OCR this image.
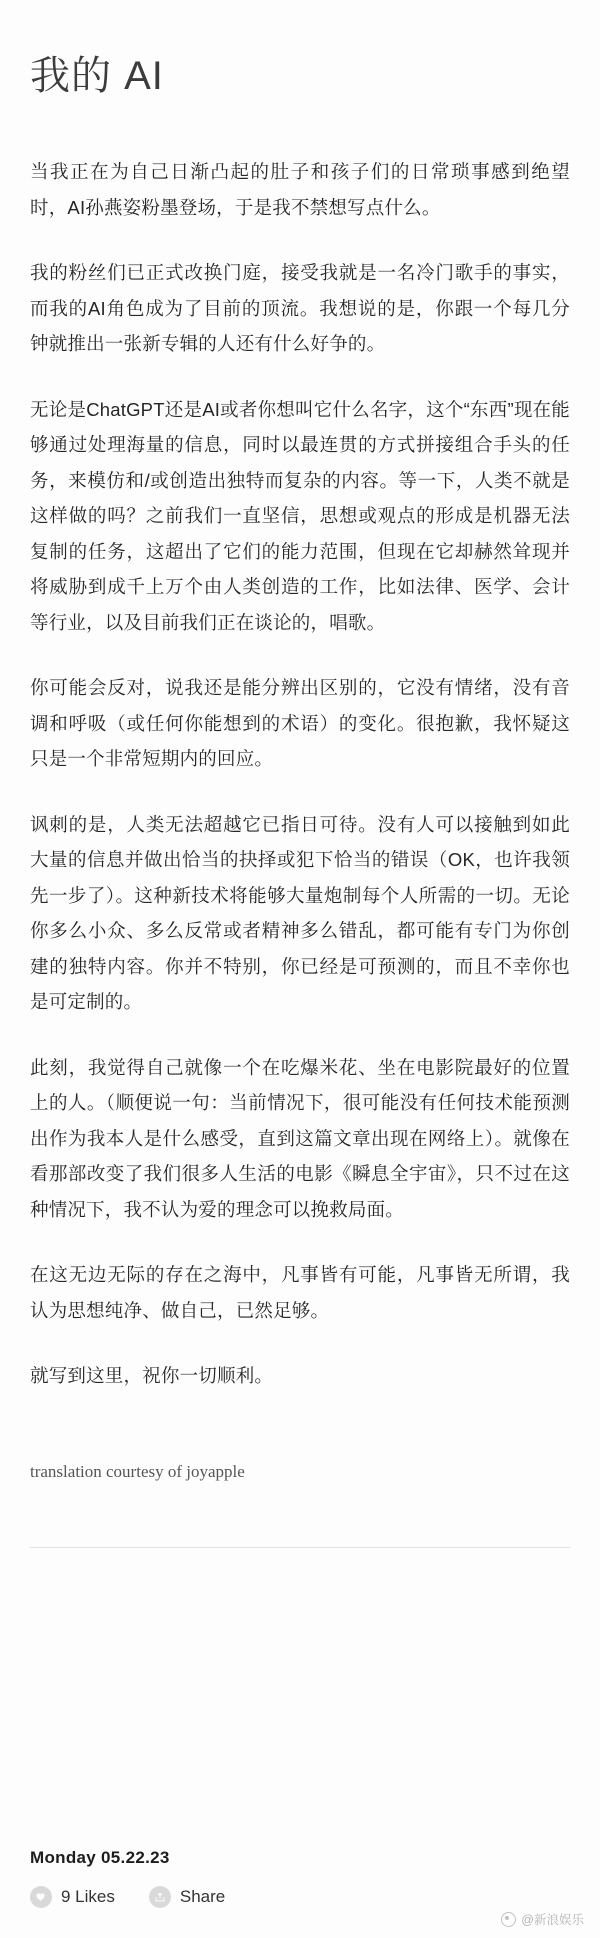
我的 AI

当我正在为自己日渐凸起的肚子和孩子们的日常琐事感到绝望时，AI孙燕姿粉墨登场，于是我不禁想写点什么。

我的粉丝们已正式改换门庭，接受我就是一名冷门歌手的事实，而我的AI角色成为了目前的顶流。我想说的是，你跟一个每几分钟就推出一张新专辑的人还有什么好争的。

无论是ChatGPT还是AI或者你想叫它什么名字，这个“东西”现在能够通过处理海量的信息，同时以最连贯的方式拼接组合手头的任务，来模仿和/或创造出独特而复杂的内容。等一下，人类不就是这样做的吗？之前我们一直坚信，思想或观点的形成是机器无法复制的任务，这超出了它们的能力范围，但现在它却赫然耸现并将威胁到成千上万个由人类创造的工作，比如法律、医学、会计等行业，以及目前我们正在谈论的，唱歌。

你可能会反对，说我还是能分辨出区别的，它没有情绪，没有音调和呼吸（或任何你能想到的术语）的变化。很抱歉，我怀疑这只是一个非常短期内的回应。

讽刺的是，人类无法超越它已指日可待。没有人可以接触到如此大量的信息并做出恰当的抉择或犯下恰当的错误（OK，也许我领先一步了）。这种新技术将能够大量炮制每个人所需的一切。无论你多么小众、多么反常或者精神多么错乱，都可能有专门为你创建的独特内容。你并不特别，你已经是可预测的，而且不幸你也是可定制的。

此刻，我觉得自己就像一个在吃爆米花、坐在电影院最好的位置上的人。（顺便说一句：当前情况下，很可能没有任何技术能预测出作为我本人是什么感受，直到这篇文章出现在网络上）。就像在看那部改变了我们很多人生活的电影《瞬息全宇宙》，只不过在这种情况下，我不认为爱的理念可以挽救局面。

在这无边无际的存在之海中，凡事皆有可能，凡事皆无所谓，我认为思想纯净、做自己，已然足够。

就写到这里，祝你一切顺利。

translation courtesy of joyapple

Monday 05.22.23
9 Likes	Share
@新浪娱乐
